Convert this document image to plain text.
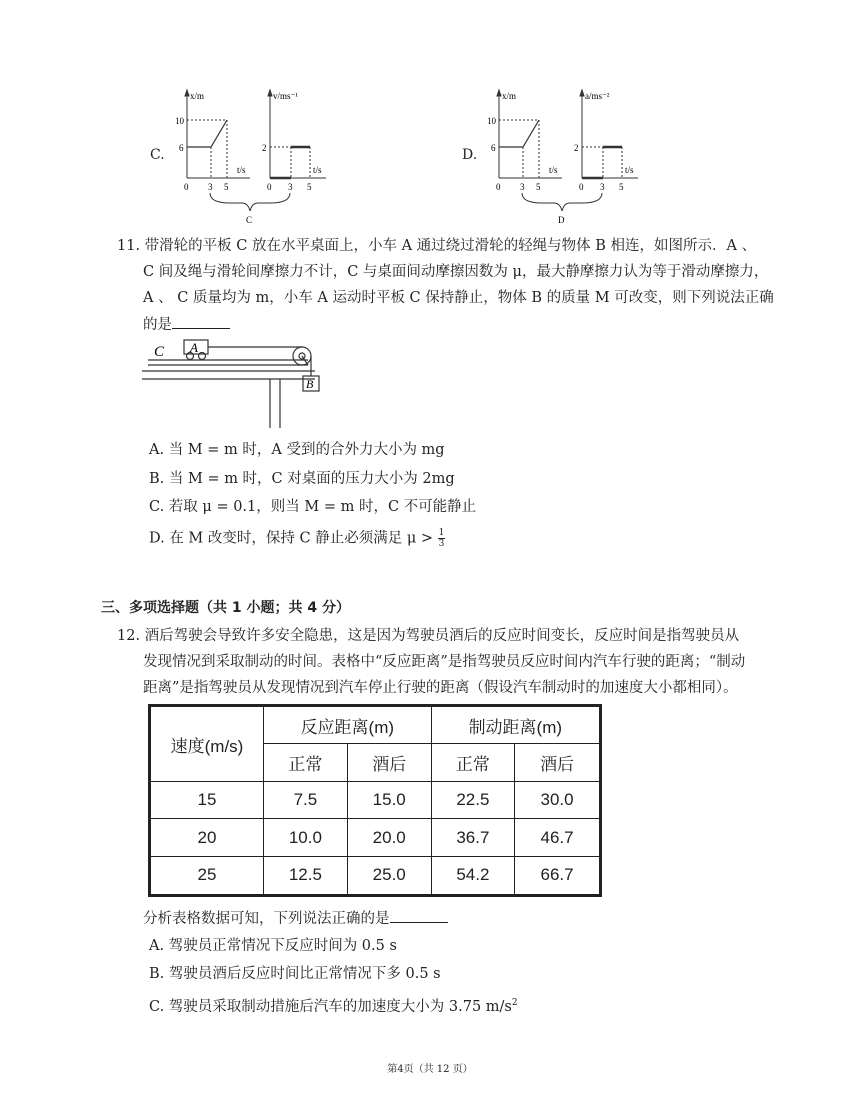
C.	D.
x/m
10
6
t/s
0 3 5
v/ms⁻¹
2
t/s
0 3 5
C
x/m
10
6
t/s
0 3 5
a/ms⁻²
2
t/s
0 3 5
D
11. 带滑轮的平板 C 放在水平桌面上，小车 A 通过绕过滑轮的轻绳与物体 B 相连，如图所示．A 、
C 间及绳与滑轮间摩擦力不计，C 与桌面间动摩擦因数为 μ，最大静摩擦力认为等于滑动摩擦力，
A 、 C 质量均为 m，小车 A 运动时平板 C 保持静止，物体 B 的质量 M 可改变，则下列说法正确
的是
C A
B
A. 当 M = m 时，A 受到的合外力大小为 mg
B. 当 M = m 时，C 对桌面的压力大小为 2mg
C. 若取 μ = 0.1，则当 M = m 时，C 不可能静止
D. 在 M 改变时，保持 C 静止必须满足 $\mu > \frac{1}{3}$
三、多项选择题（共 1 小题；共 4 分）
12. 酒后驾驶会导致许多安全隐患，这是因为驾驶员酒后的反应时间变长，反应时间是指驾驶员从
发现情况到采取制动的时间。表格中“反应距离”是指驾驶员反应时间内汽车行驶的距离；“制动
距离”是指驾驶员从发现情况到汽车停止行驶的距离（假设汽车制动时的加速度大小都相同）。
速度(m/s)	反应距离(m)		制动距离(m)	
	正常	酒后	正常	酒后
15	7.5	15.0	22.5	30.0
20	10.0	20.0	36.7	46.7
25	12.5	25.0	54.2	66.7
分析表格数据可知，下列说法正确的是
A. 驾驶员正常情况下反应时间为 0.5 s
B. 驾驶员酒后反应时间比正常情况下多 0.5 s
C. 驾驶员采取制动措施后汽车的加速度大小为 3.75 $m/s^2$
第4页（共 12 页）
